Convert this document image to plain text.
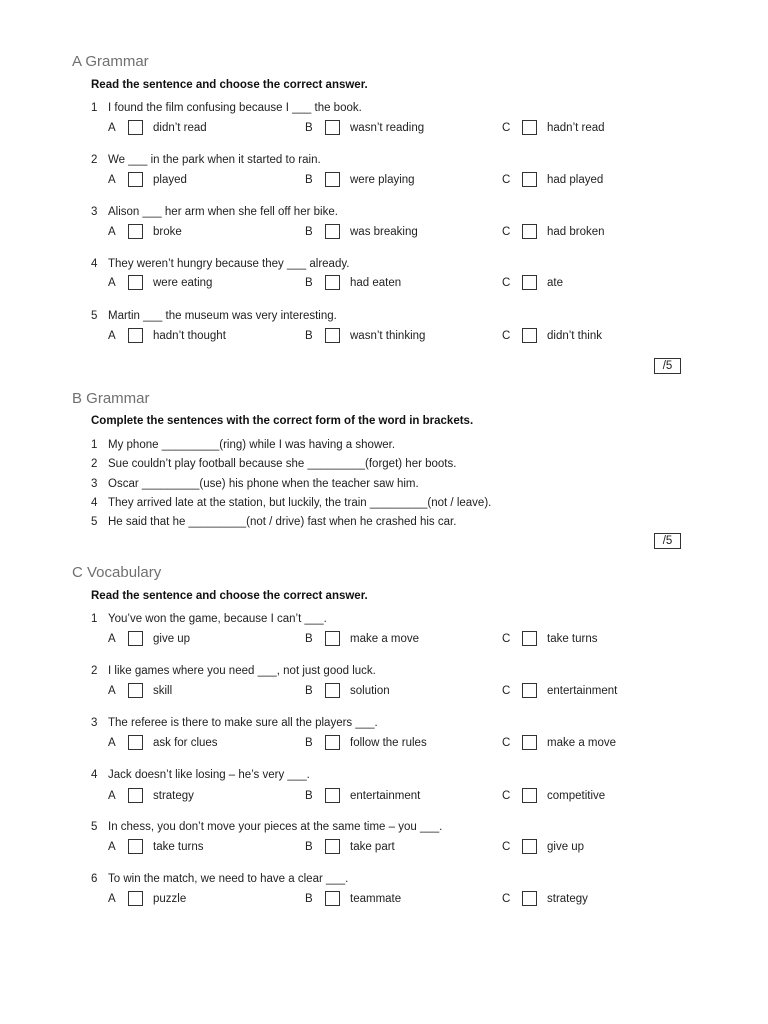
A Grammar
Read the sentence and choose the correct answer.
1 I found the film confusing because I ___ the book.
A	didn’t read	B	wasn’t reading	C	hadn’t read
2 We ___ in the park when it started to rain.
A	played	B	were playing	C	had played
3 Alison ___ her arm when she fell off her bike.
A	broke	B	was breaking	C	had broken
4 They weren’t hungry because they ___ already.
A	were eating	B	had eaten	C	ate
5 Martin ___ the museum was very interesting.
A	hadn’t thought	B	wasn’t thinking	C	didn’t think
/5
B Grammar
Complete the sentences with the correct form of the word in brackets.
1 My phone _________(ring) while I was having a shower.
2 Sue couldn’t play football because she _________(forget) her boots.
3 Oscar _________(use) his phone when the teacher saw him.
4 They arrived late at the station, but luckily, the train _________(not / leave).
5 He said that he _________(not / drive) fast when he crashed his car.
/5
C Vocabulary
Read the sentence and choose the correct answer.
1 You’ve won the game, because I can’t ___.
A	give up	B	make a move	C	take turns
2 I like games where you need ___, not just good luck.
A	skill	B	solution	C	entertainment
3 The referee is there to make sure all the players ___.
A	ask for clues	B	follow the rules	C	make a move
4 Jack doesn’t like losing – he’s very ___.
A	strategy	B	entertainment	C	competitive
5 In chess, you don’t move your pieces at the same time – you ___.
A	take turns	B	take part	C	give up
6 To win the match, we need to have a clear ___.
A	puzzle	B	teammate	C	strategy
